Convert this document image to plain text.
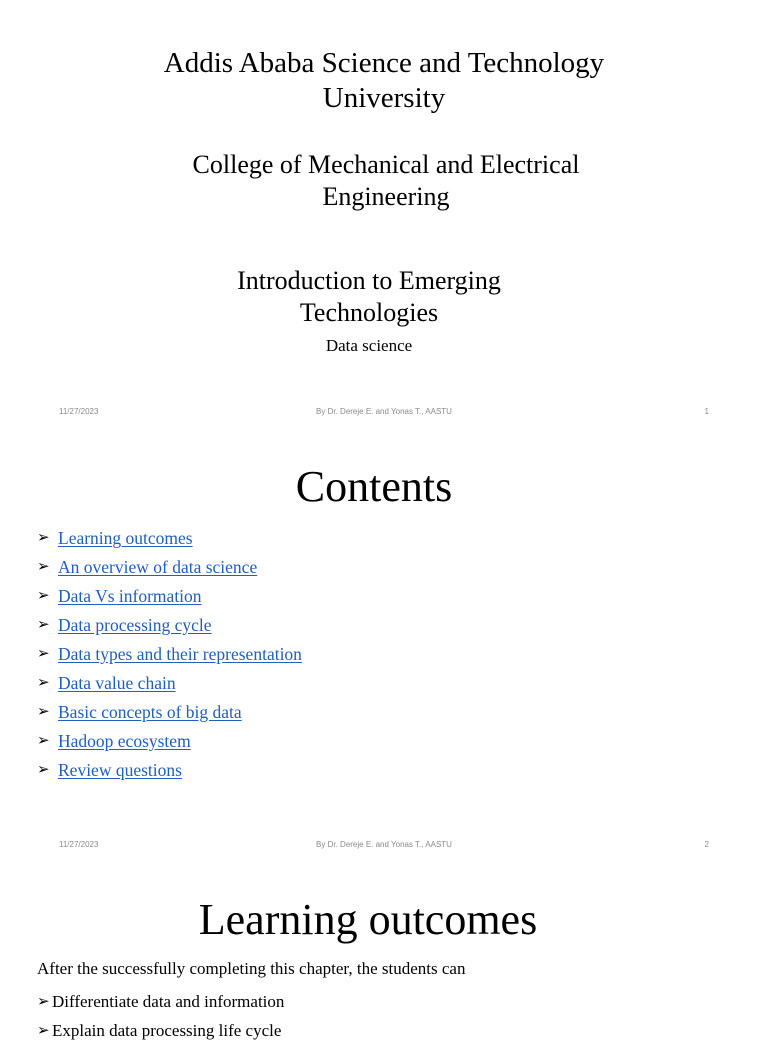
Addis Ababa Science and Technology
University
College of Mechanical and Electrical
Engineering
Introduction to Emerging
Technologies
Data science
11/27/2023	By Dr. Dereje E. and Yonas T., AASTU	1
Contents
➢ Learning outcomes
➢ An overview of data science
➢ Data Vs information
➢ Data processing cycle
➢ Data types and their representation
➢ Data value chain
➢ Basic concepts of big data
➢ Hadoop ecosystem
➢ Review questions
11/27/2023	By Dr. Dereje E. and Yonas T., AASTU	2
Learning outcomes
After the successfully completing this chapter, the students can
➢ Differentiate data and information
➢ Explain data processing life cycle
